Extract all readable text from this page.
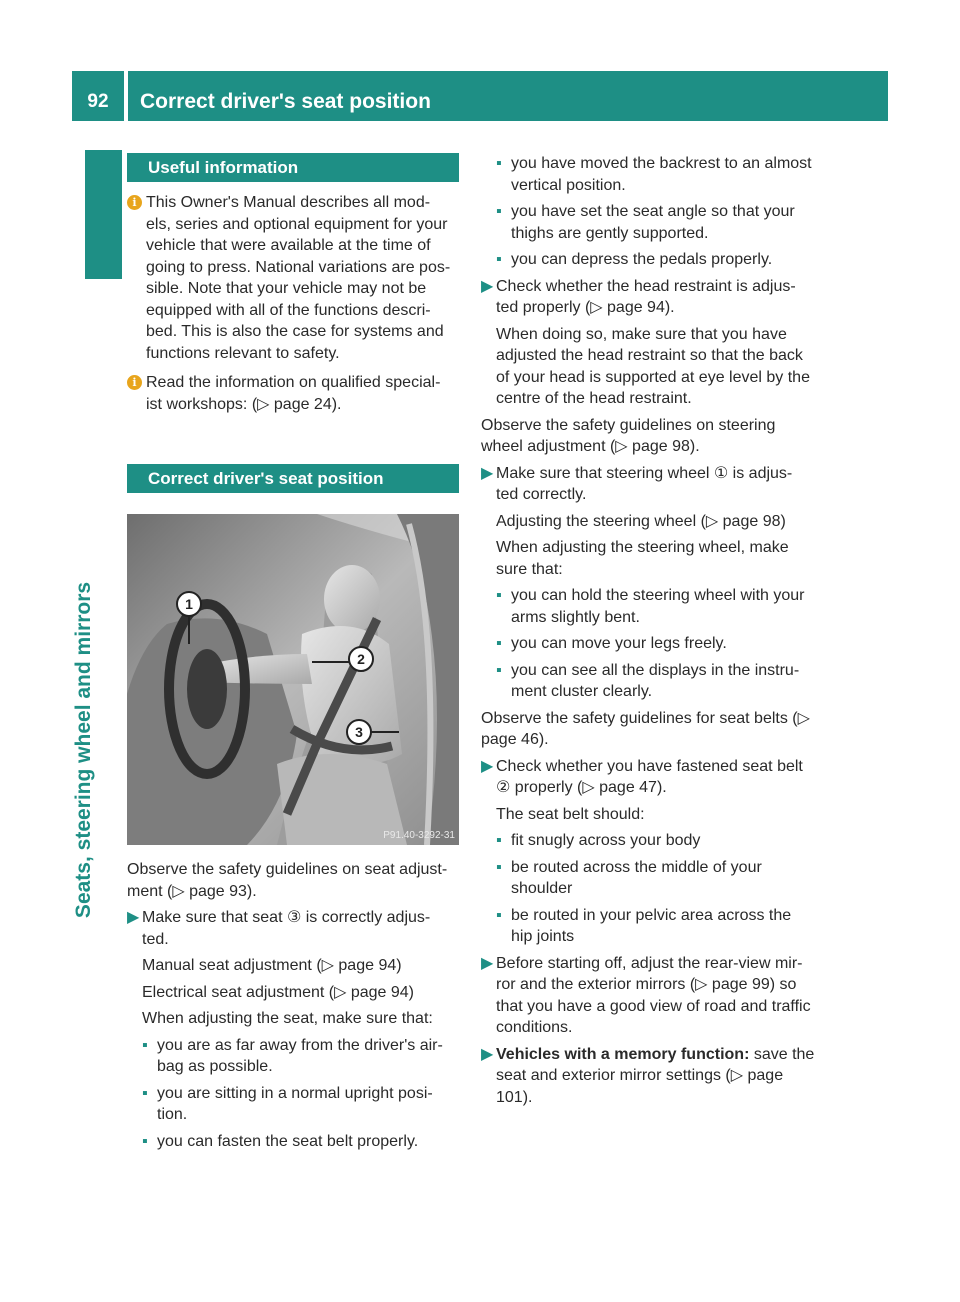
92	Correct driver's seat position
Seats, steering wheel and mirrors
Useful information
i This Owner's Manual describes all mod- els, series and optional equipment for your vehicle that were available at the time of going to press. National variations are pos- sible. Note that your vehicle may not be equipped with all of the functions descri- bed. This is also the case for systems and functions relevant to safety.
i Read the information on qualified special- ist workshops: (▷ page 24).
Correct driver's seat position
1
2
3
P91.40-3292-31

Observe the safety guidelines on seat adjust- ment (▷ page 93).

▶ Make sure that seat ③ is correctly adjus- ted.

Manual seat adjustment (▷ page 94)

Electrical seat adjustment (▷ page 94)

When adjusting the seat, make sure that:

▪ you are as far away from the driver's air- bag as possible.
▪ you are sitting in a normal upright posi- tion.
▪ you can fasten the seat belt properly.
▪ you have moved the backrest to an almost vertical position.
▪ you have set the seat angle so that your thighs are gently supported.
▪ you can depress the pedals properly.
▶ Check whether the head restraint is adjus- ted properly (▷ page 94).

When doing so, make sure that you have adjusted the head restraint so that the back of your head is supported at eye level by the centre of the head restraint.

Observe the safety guidelines on steering wheel adjustment (▷ page 98).

▶ Make sure that steering wheel ① is adjus- ted correctly.

Adjusting the steering wheel (▷ page 98)

When adjusting the steering wheel, make sure that:

▪ you can hold the steering wheel with your arms slightly bent.
▪ you can move your legs freely.
▪ you can see all the displays in the instru- ment cluster clearly.

Observe the safety guidelines for seat belts (▷ page 46).

▶ Check whether you have fastened seat belt ② properly (▷ page 47).

The seat belt should:

▪ fit snugly across your body
▪ be routed across the middle of your shoulder
▪ be routed in your pelvic area across the hip joints
▶ Before starting off, adjust the rear-view mir- ror and the exterior mirrors (▷ page 99) so that you have a good view of road and traffic conditions.
▶ Vehicles with a memory function: save the seat and exterior mirror settings (▷ page 101).
